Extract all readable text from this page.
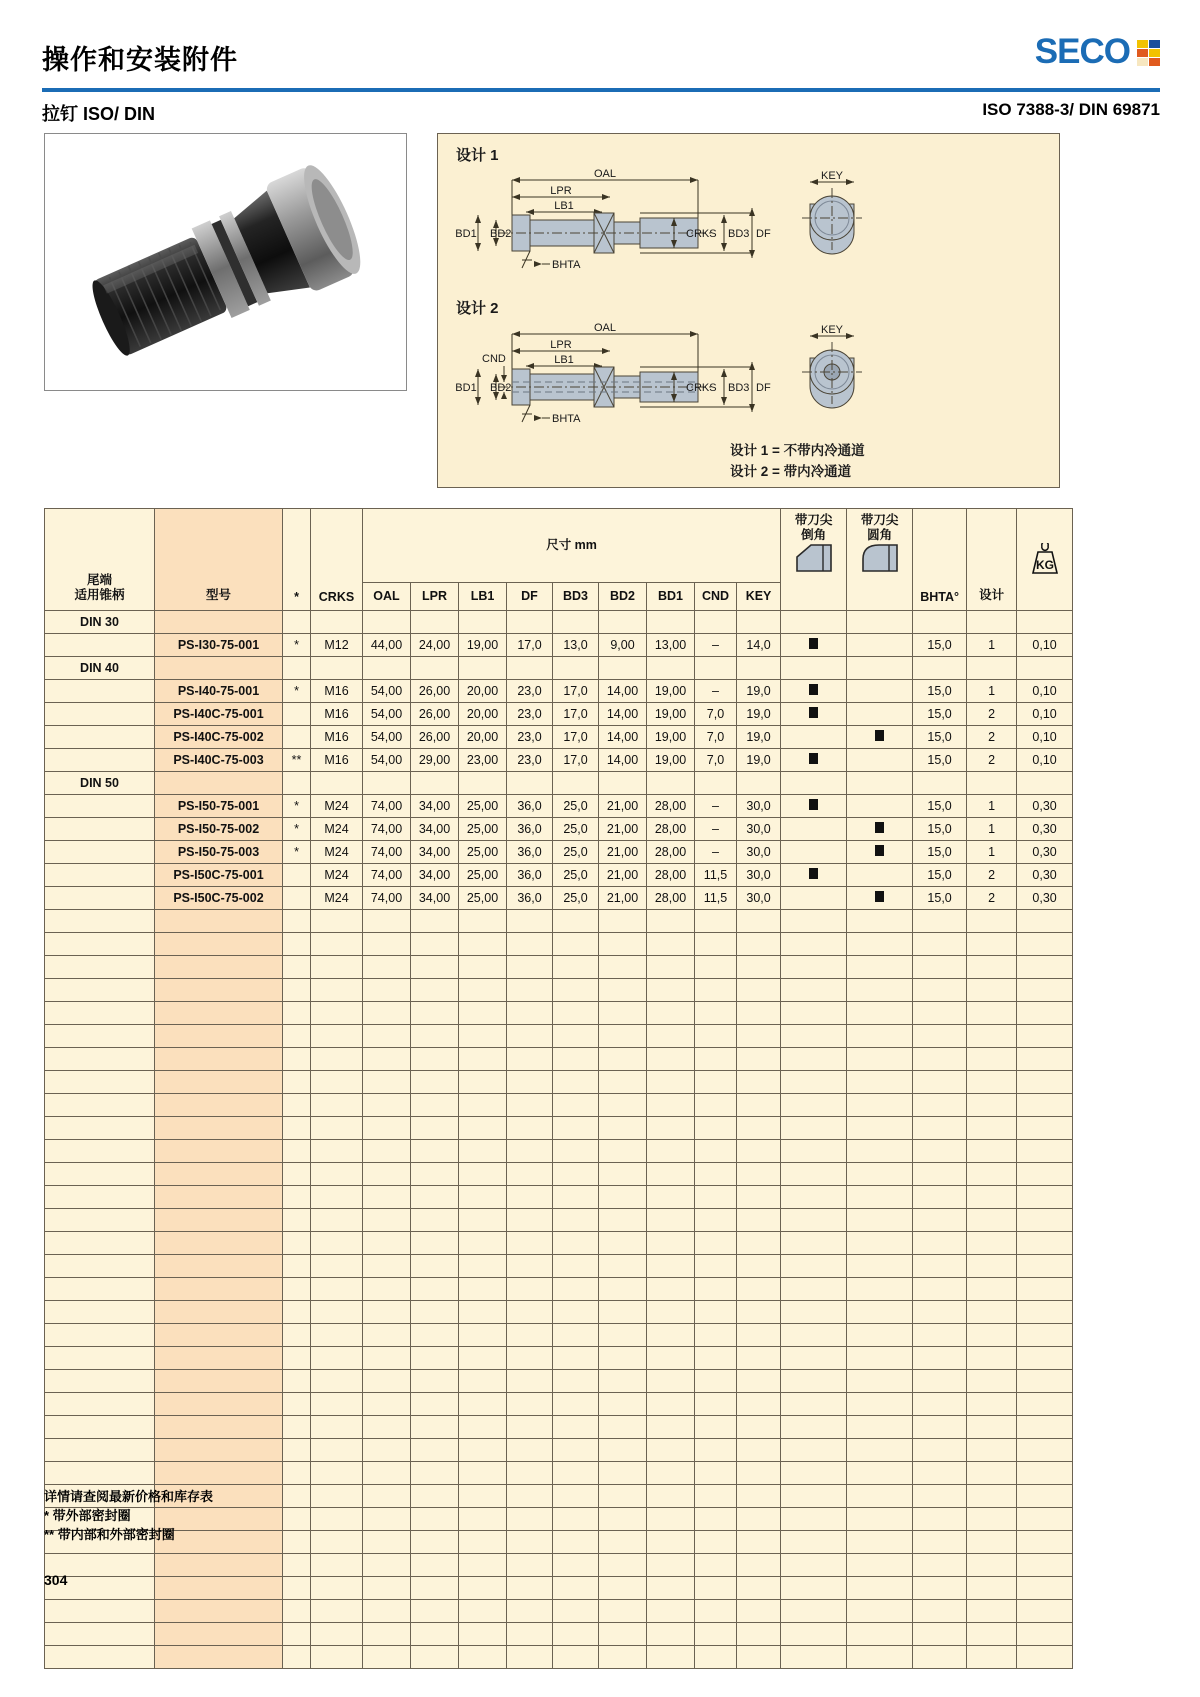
操作和安装附件	SECO
拉钉 ISO/ DIN	ISO 7388-3/ DIN 69871
设计 1
设计 2
OAL
LPR
LB1
BD1 BD2	CRKS BD3 DF
BHTA
KEY
OAL
LPR
LB1
CND
BD1 BD2	CRKS BD3 DF
BHTA
KEY
设计 1 = 不带内冷通道
设计 2 = 带内冷通道
尾端
适用锥柄	型号	*	CRKS	尺寸 mm	
带刀尖
倒角

带刀尖
圆角
	BHTA°	设计	
KG

				OAL	LPR	LB1	DF	BD3	BD2	BD1	CND	KEY					
DIN 30																	
	PS-I30-75-001	*	M12	44,00	24,00	19,00	17,0	13,0	9,00	13,00	–	14,0			15,0	1	0,10
DIN 40																	
	PS-I40-75-001	*	M16	54,00	26,00	20,00	23,0	17,0	14,00	19,00	–	19,0			15,0	1	0,10
	PS-I40C-75-001		M16	54,00	26,00	20,00	23,0	17,0	14,00	19,00	7,0	19,0			15,0	2	0,10
	PS-I40C-75-002		M16	54,00	26,00	20,00	23,0	17,0	14,00	19,00	7,0	19,0			15,0	2	0,10
	PS-I40C-75-003	**	M16	54,00	29,00	23,00	23,0	17,0	14,00	19,00	7,0	19,0			15,0	2	0,10
DIN 50																	
	PS-I50-75-001	*	M24	74,00	34,00	25,00	36,0	25,0	21,00	28,00	–	30,0			15,0	1	0,30
	PS-I50-75-002	*	M24	74,00	34,00	25,00	36,0	25,0	21,00	28,00	–	30,0			15,0	1	0,30
	PS-I50-75-003	*	M24	74,00	34,00	25,00	36,0	25,0	21,00	28,00	–	30,0			15,0	1	0,30
	PS-I50C-75-001		M24	74,00	34,00	25,00	36,0	25,0	21,00	28,00	11,5	30,0			15,0	2	0,30
	PS-I50C-75-002		M24	74,00	34,00	25,00	36,0	25,0	21,00	28,00	11,5	30,0			15,0	2	0,30

详情请查阅最新价格和库存表
* 带外部密封圈
** 带内部和外部密封圈
304
